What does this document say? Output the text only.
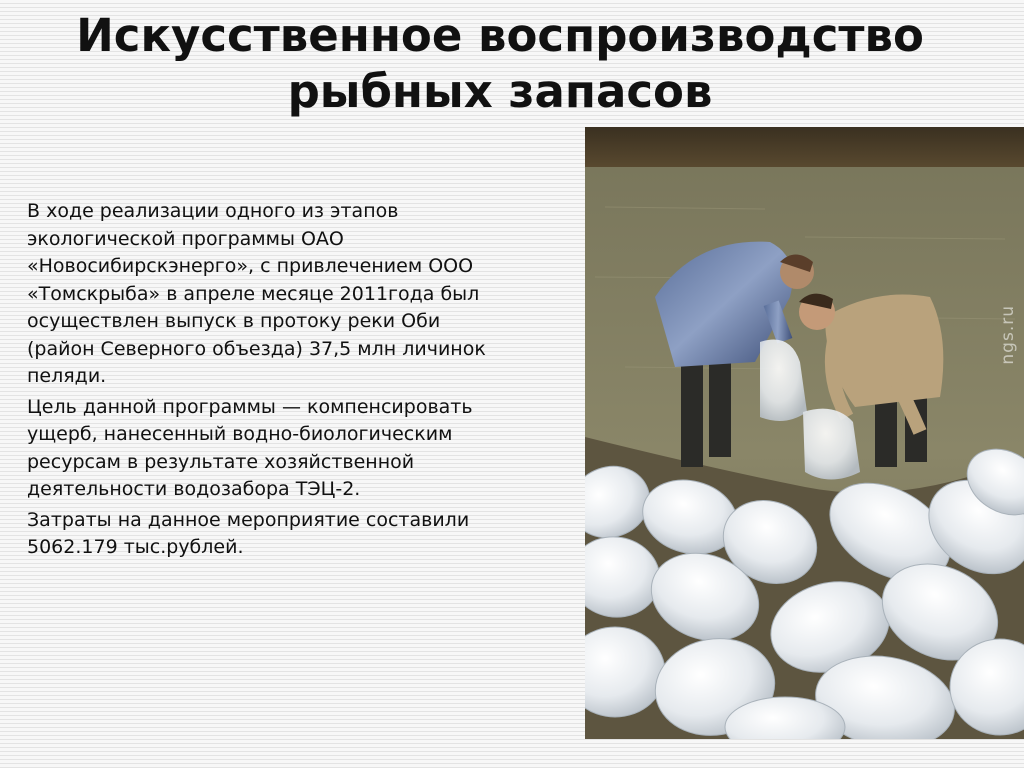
Искусственное воспроизводство
рыбных запасов

В ходе реализации одного из этапов
экологической программы ОАО
«Новосибирскэнерго», с привлечением ООО
«Томскрыба» в апреле месяце 2011года был
осуществлен выпуск в протоку реки Оби
(район Северного объезда) 37,5 млн личинок
пеляди.

Цель данной программы — компенсировать
ущерб, нанесенный водно-биологическим
ресурсам в результате хозяйственной
деятельности водозабора ТЭЦ-2.

Затраты на данное мероприятие составили
5062.179 тыс.рублей.

ngs.ru
